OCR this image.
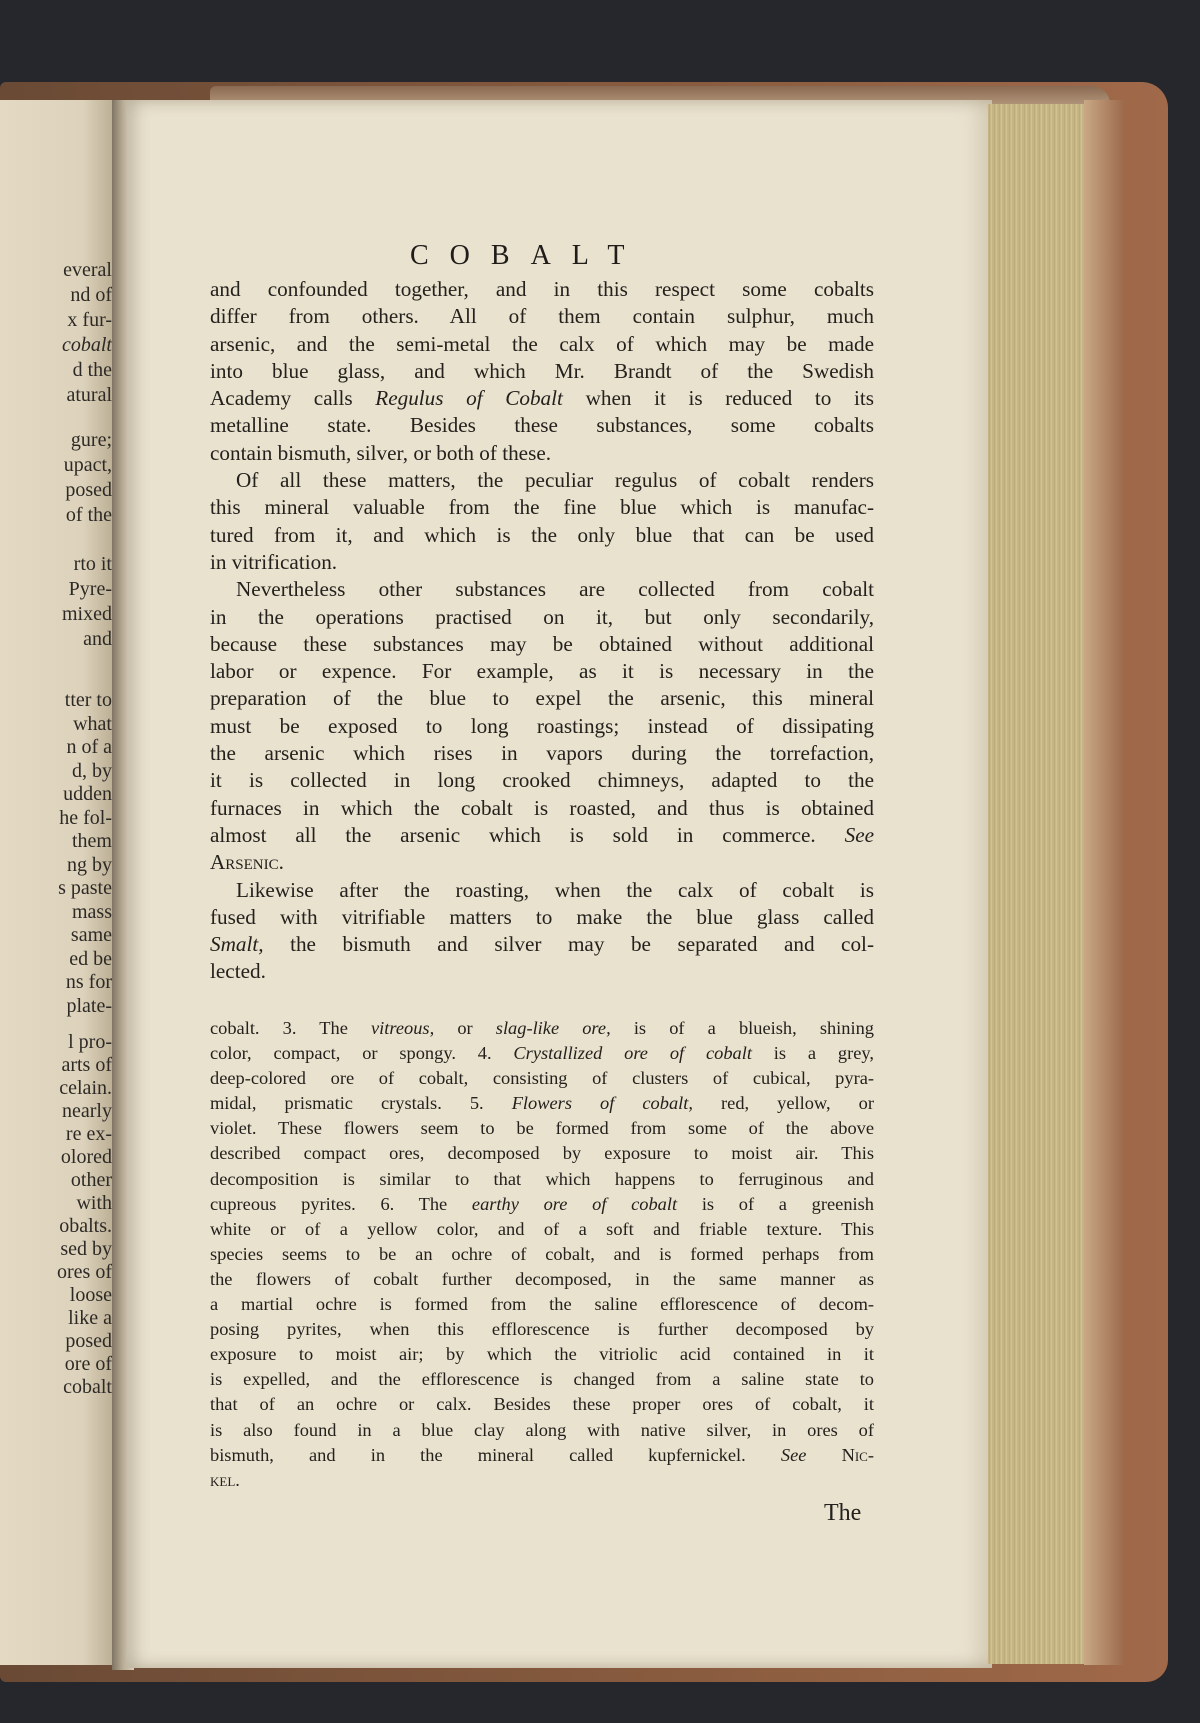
everal
nd of
x fur-
cobalt
d the
atural
gure;
upact,
posed
of the
rto it
Pyre-
mixed
and
tter to
what
n of a
d, by
udden
he fol-
them
ng by
s paste
mass
same
ed be
ns for
plate-
l pro-
arts of
celain.
nearly
re ex-
olored
other
with
obalts.
sed by
ores of
loose
like a
posed
ore of
cobalt
COBALT
and confounded together, and in this respect some cobalts
differ from others. All of them contain sulphur, much
arsenic, and the semi-metal the calx of which may be made
into blue glass, and which Mr. Brandt of the Swedish
Academy calls Regulus of Cobalt when it is reduced to its
metalline state. Besides these substances, some cobalts
contain bismuth, silver, or both of these.
Of all these matters, the peculiar regulus of cobalt renders
this mineral valuable from the fine blue which is manufac-
tured from it, and which is the only blue that can be used
in vitrification.
Nevertheless other substances are collected from cobalt
in the operations practised on it, but only secondarily,
because these substances may be obtained without additional
labor or expence. For example, as it is necessary in the
preparation of the blue to expel the arsenic, this mineral
must be exposed to long roastings; instead of dissipating
the arsenic which rises in vapors during the torrefaction,
it is collected in long crooked chimneys, adapted to the
furnaces in which the cobalt is roasted, and thus is obtained
almost all the arsenic which is sold in commerce. See
Arsenic.
Likewise after the roasting, when the calx of cobalt is
fused with vitrifiable matters to make the blue glass called
Smalt, the bismuth and silver may be separated and col-
lected.
cobalt. 3. The vitreous, or slag-like ore, is of a blueish, shining
color, compact, or spongy. 4. Crystallized ore of cobalt is a grey,
deep-colored ore of cobalt, consisting of clusters of cubical, pyra-
midal, prismatic crystals. 5. Flowers of cobalt, red, yellow, or
violet. These flowers seem to be formed from some of the above
described compact ores, decomposed by exposure to moist air. This
decomposition is similar to that which happens to ferruginous and
cupreous pyrites. 6. The earthy ore of cobalt is of a greenish
white or of a yellow color, and of a soft and friable texture. This
species seems to be an ochre of cobalt, and is formed perhaps from
the flowers of cobalt further decomposed, in the same manner as
a martial ochre is formed from the saline efflorescence of decom-
posing pyrites, when this efflorescence is further decomposed by
exposure to moist air; by which the vitriolic acid contained in it
is expelled, and the efflorescence is changed from a saline state to
that of an ochre or calx. Besides these proper ores of cobalt, it
is also found in a blue clay along with native silver, in ores of
bismuth, and in the mineral called kupfernickel. See Nic-
kel.
The
